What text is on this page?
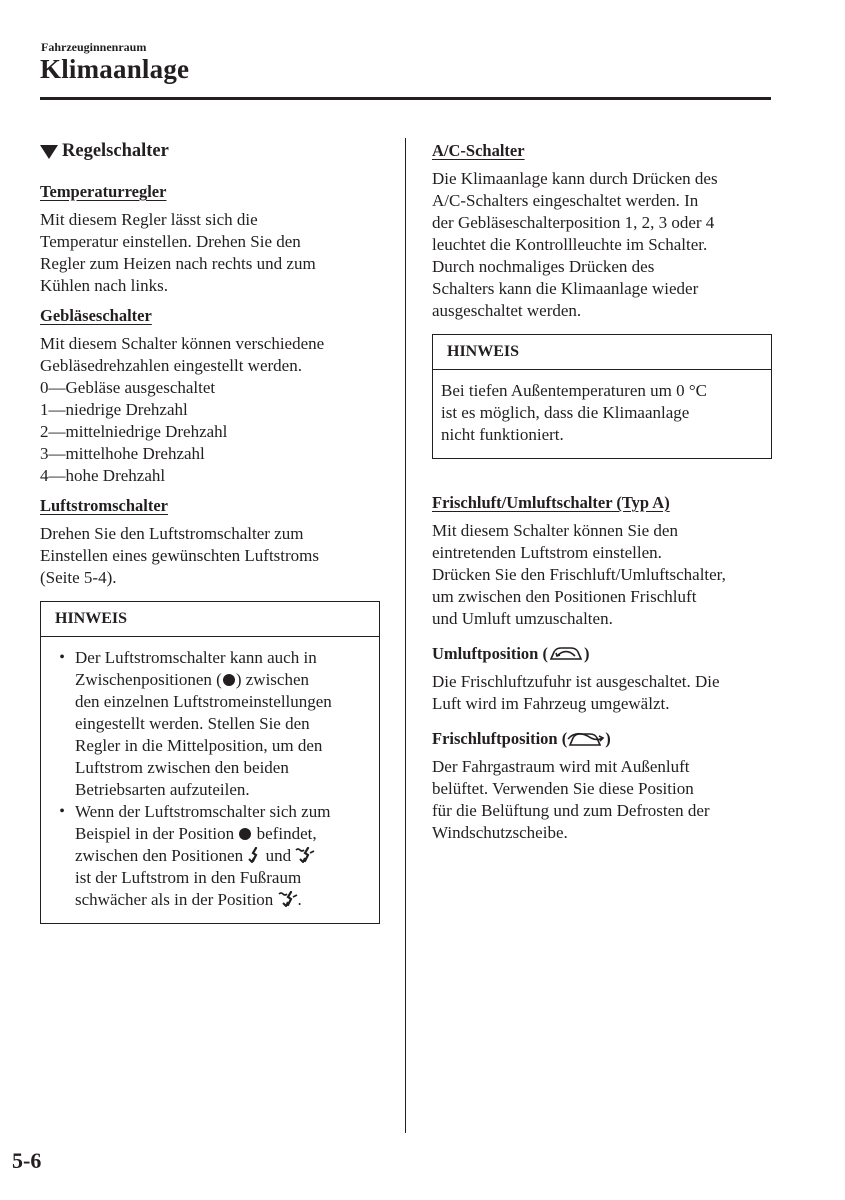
Fahrzeuginnenraum
Klimaanlage
Regelschalter
Temperaturregler
Mit diesem Regler lässt sich die
Temperatur einstellen. Drehen Sie den
Regler zum Heizen nach rechts und zum
Kühlen nach links.
Gebläseschalter
Mit diesem Schalter können verschiedene
Gebläsedrehzahlen eingestellt werden.
0—Gebläse ausgeschaltet
1—niedrige Drehzahl
2—mittelniedrige Drehzahl
3—mittelhohe Drehzahl
4—hohe Drehzahl
Luftstromschalter
Drehen Sie den Luftstromschalter zum
Einstellen eines gewünschten Luftstroms
(Seite 5-4).
HINWEIS
• Der Luftstromschalter kann auch in
Zwischenpositionen ( ) zwischen
den einzelnen Luftstromeinstellungen
eingestellt werden. Stellen Sie den
Regler in die Mittelposition, um den
Luftstrom zwischen den beiden
Betriebsarten aufzuteilen.
• Wenn der Luftstromschalter sich zum
Beispiel in der Position  befindet,
zwischen den Positionen  und
ist der Luftstrom in den Fußraum
schwächer als in der Position .
A/C-Schalter
Die Klimaanlage kann durch Drücken des
A/C-Schalters eingeschaltet werden. In
der Gebläseschalterposition 1, 2, 3 oder 4
leuchtet die Kontrollleuchte im Schalter.
Durch nochmaliges Drücken des
Schalters kann die Klimaanlage wieder
ausgeschaltet werden.
HINWEIS
Bei tiefen Außentemperaturen um 0 °C
ist es möglich, dass die Klimaanlage
nicht funktioniert.
Frischluft/Umluftschalter (Typ A)
Mit diesem Schalter können Sie den
eintretenden Luftstrom einstellen.
Drücken Sie den Frischluft/Umluftschalter,
um zwischen den Positionen Frischluft
und Umluft umzuschalten.
Umluftposition ( )
Die Frischluftzufuhr ist ausgeschaltet. Die
Luft wird im Fahrzeug umgewälzt.
Frischluftposition ( )
Der Fahrgastraum wird mit Außenluft
belüftet. Verwenden Sie diese Position
für die Belüftung und zum Defrosten der
Windschutzscheibe.
5-6
